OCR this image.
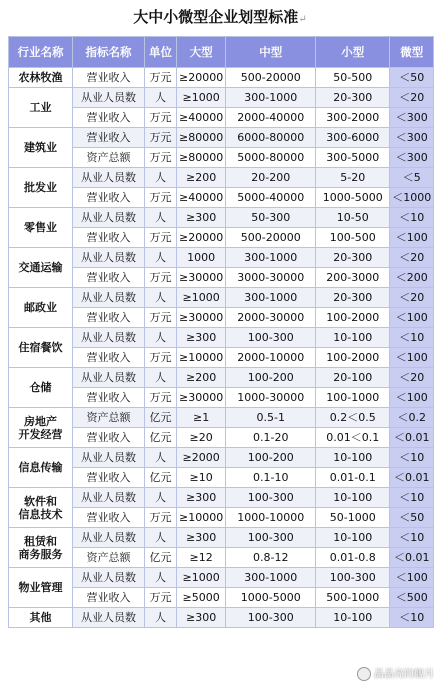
大中小微型企业划型标准↵
行业名称	指标名称	单位	大型	中型	小型	微型
农林牧渔	营业收入	万元	≥20000	500-20000	50-500	＜50
工业	从业人员数	人	≥1000	300-1000	20-300	＜20
	营业收入	万元	≥40000	2000-40000	300-2000	＜300
建筑业	营业收入	万元	≥80000	6000-80000	300-6000	＜300
	资产总额	万元	≥80000	5000-80000	300-5000	＜300
批发业	从业人员数	人	≥200	20-200	5-20	＜5
	营业收入	万元	≥40000	5000-40000	1000-5000	＜1000
零售业	从业人员数	人	≥300	50-300	10-50	＜10
	营业收入	万元	≥20000	500-20000	100-500	＜100
交通运输	从业人员数	人	1000	300-1000	20-300	＜20
	营业收入	万元	≥30000	3000-30000	200-3000	＜200
邮政业	从业人员数	人	≥1000	300-1000	20-300	＜20
	营业收入	万元	≥30000	2000-30000	100-2000	＜100
住宿餐饮	从业人员数	人	≥300	100-300	10-100	＜10
	营业收入	万元	≥10000	2000-10000	100-2000	＜100
仓储	从业人员数	人	≥200	100-200	20-100	＜20
	营业收入	万元	≥30000	1000-30000	100-1000	＜100
房地产
开发经营	资产总额	亿元	≥1	0.5-1	0.2＜0.5	＜0.2
	营业收入	亿元	≥20	0.1-20	0.01＜0.1	＜0.01
信息传输	从业人员数	人	≥2000	100-200	10-100	＜10
	营业收入	亿元	≥10	0.1-10	0.01-0.1	＜0.01
软件和
信息技术	从业人员数	人	≥300	100-300	10-100	＜10
	营业收入	万元	≥10000	1000-10000	50-1000	＜50
租赁和
商务服务	从业人员数	人	≥300	100-300	10-100	＜10
	资产总额	亿元	≥12	0.8-12	0.01-0.8	＜0.01
物业管理	从业人员数	人	≥1000	300-1000	100-300	＜100
	营业收入	万元	≥5000	1000-5000	500-1000	＜500
其他	从业人员数	人	≥300	100-300	10-100	＜10
晶晶亮的舰月
